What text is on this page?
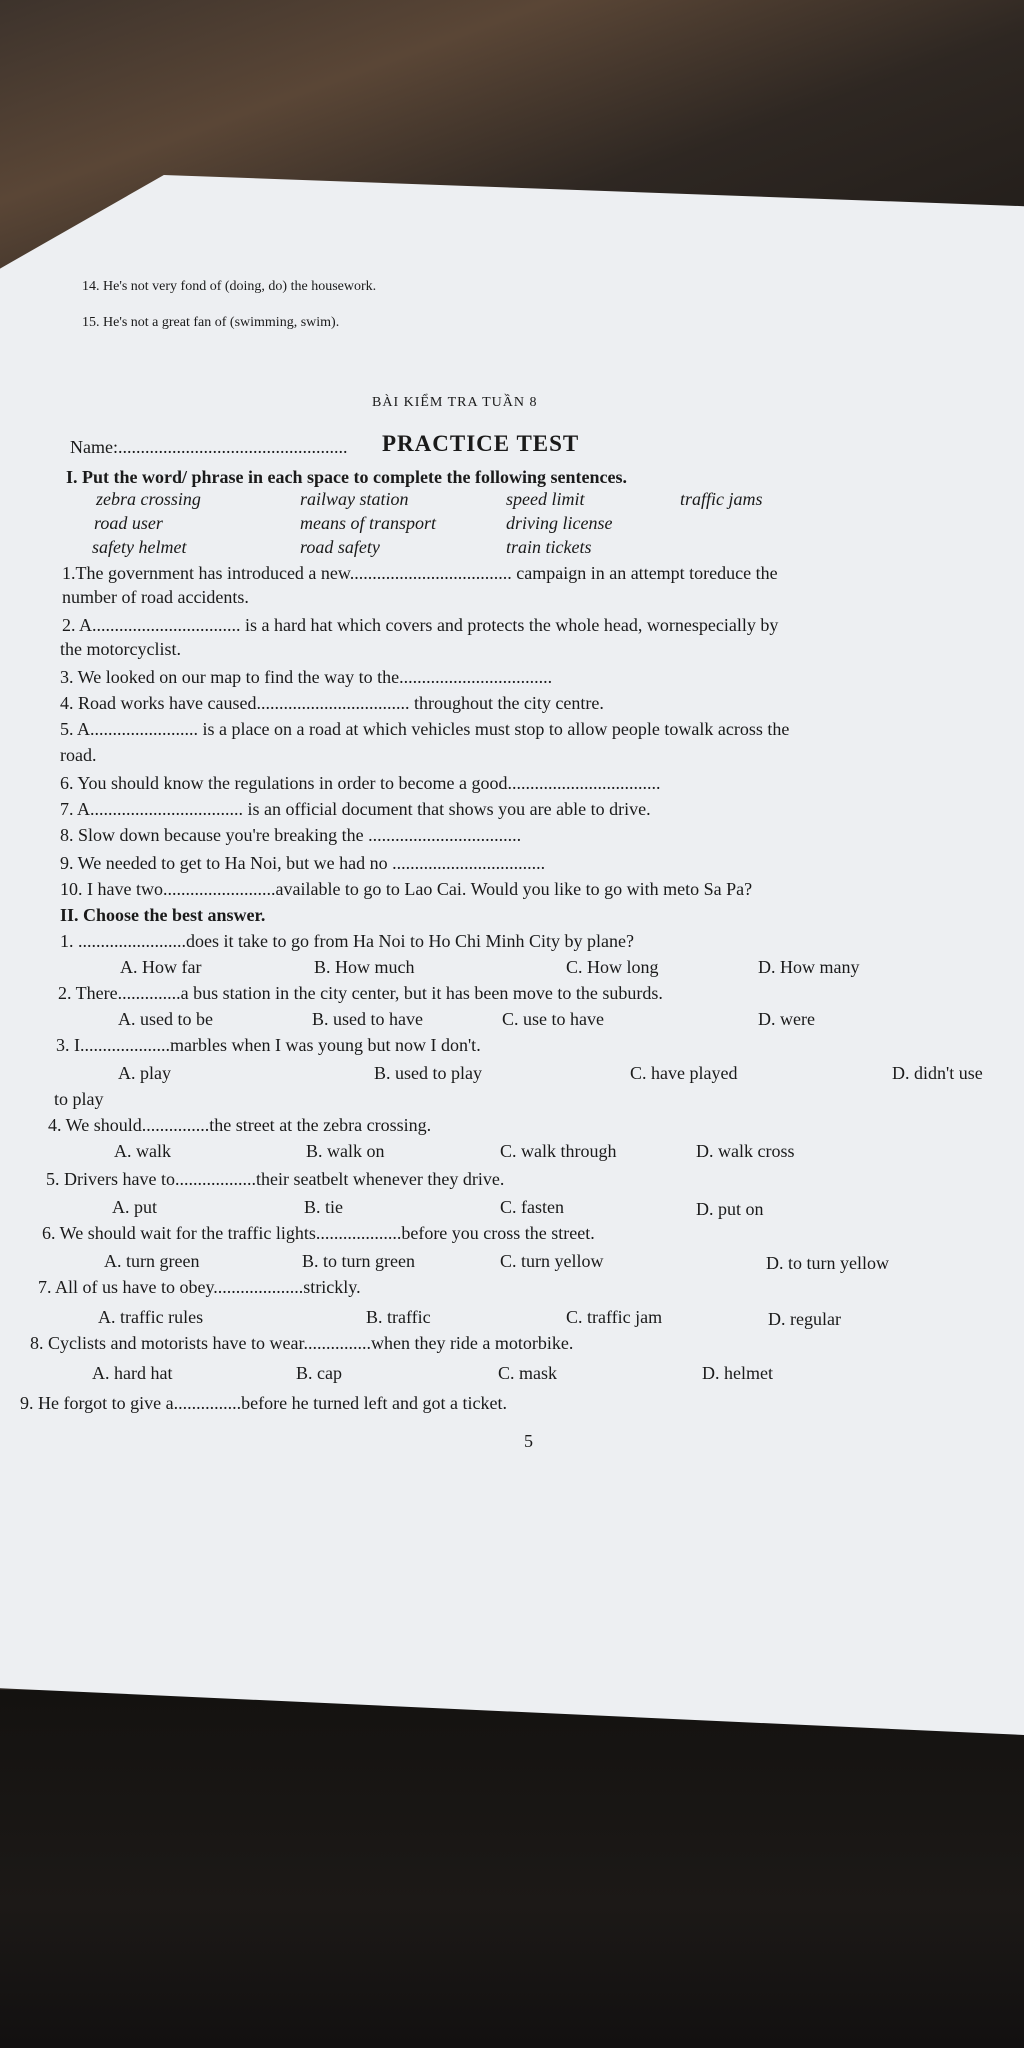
14. He's not very fond of (doing, do) the housework.
15. He's not a great fan of (swimming, swim).
BÀI KIỂM TRA TUẦN 8
Name:................................................... PRACTICE TEST
I. Put the word/ phrase in each space to complete the following sentences.
zebra crossing	railway station	speed limit	traffic jams
road user	means of transport	driving license
safety helmet	road safety	train tickets
1.The government has introduced a new.................................... campaign in an attempt toreduce the
number of road accidents.
2. A................................. is a hard hat which covers and protects the whole head, wornespecially by
the motorcyclist.
3. We looked on our map to find the way to the..................................
4. Road works have caused.................................. throughout the city centre.
5. A........................ is a place on a road at which vehicles must stop to allow people towalk across the
road.
6. You should know the regulations in order to become a good..................................
7. A.................................. is an official document that shows you are able to drive.
8. Slow down because you're breaking the ..................................
9. We needed to get to Ha Noi, but we had no ..................................
10. I have two.........................available to go to Lao Cai. Would you like to go with meto Sa Pa?
II. Choose the best answer.
1. ........................does it take to go from Ha Noi to Ho Chi Minh City by plane?
A. How far	B. How much	C. How long	D. How many
2. There..............a bus station in the city center, but it has been move to the suburds.
A. used to be	B. used to have	C. use to have	D. were
3. I....................marbles when I was young but now I don't.
A. play	B. used to play	C. have played	D. didn't use
to play
4. We should...............the street at the zebra crossing.
A. walk	B. walk on	C. walk through	D. walk cross
5. Drivers have to..................their seatbelt whenever they drive.
A. put	B. tie	C. fasten	D. put on
6. We should wait for the traffic lights...................before you cross the street.
A. turn green	B. to turn green	C. turn yellow	D. to turn yellow
7. All of us have to obey....................strickly.
A. traffic rules	B. traffic	C. traffic jam	D. regular
8. Cyclists and motorists have to wear...............when they ride a motorbike.
A. hard hat	B. cap	C. mask	D. helmet
9. He forgot to give a...............before he turned left and got a ticket.
5
